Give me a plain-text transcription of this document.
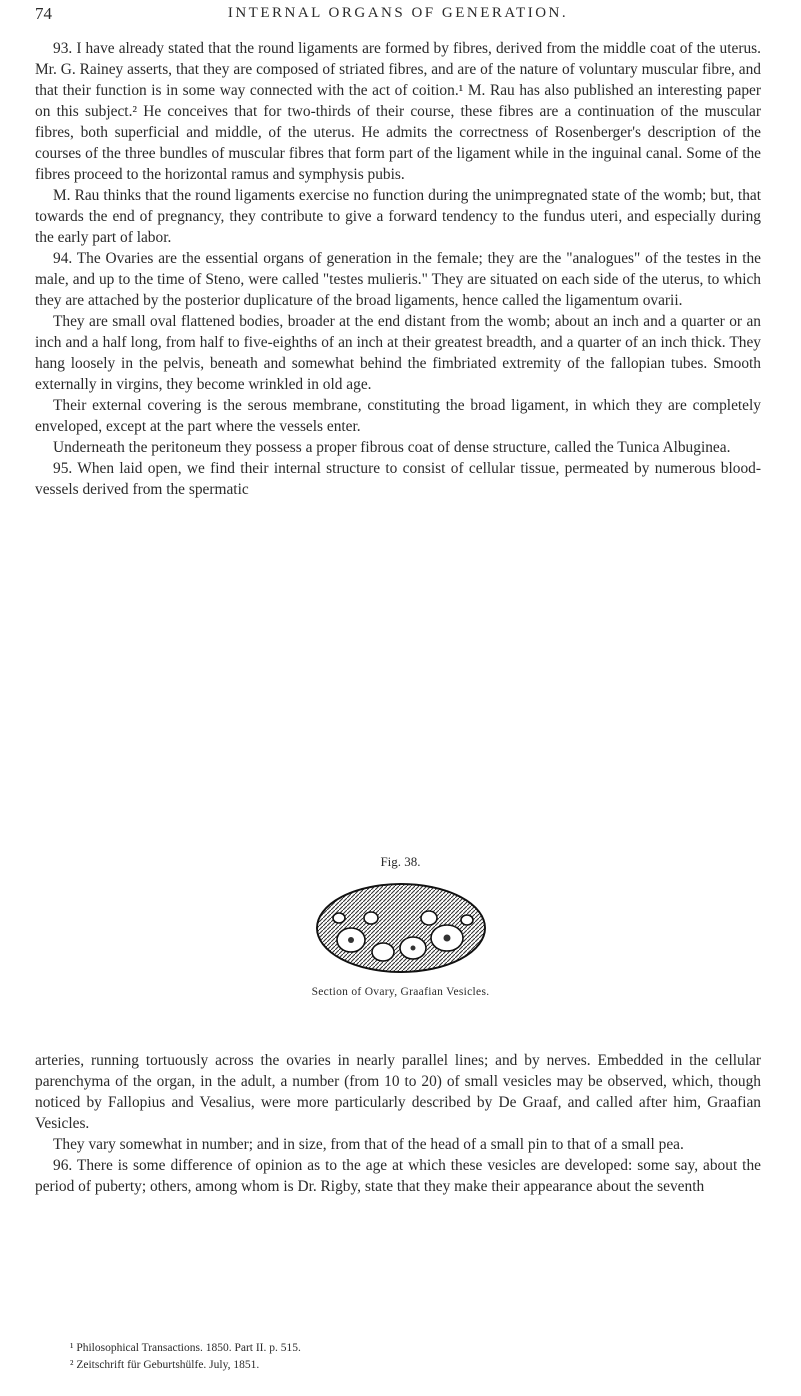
74	INTERNAL ORGANS OF GENERATION.

93. I have already stated that the round ligaments are formed by fibres, derived from the middle coat of the uterus. Mr. G. Rainey asserts, that they are composed of striated fibres, and are of the nature of voluntary muscular fibre, and that their function is in some way connected with the act of coition.¹ M. Rau has also published an interesting paper on this subject.² He conceives that for two-thirds of their course, these fibres are a continuation of the muscular fibres, both superficial and middle, of the uterus. He admits the correctness of Rosenberger's description of the courses of the three bundles of muscular fibres that form part of the ligament while in the inguinal canal. Some of the fibres proceed to the horizontal ramus and symphysis pubis.

M. Rau thinks that the round ligaments exercise no function during the unimpregnated state of the womb; but, that towards the end of pregnancy, they contribute to give a forward tendency to the fundus uteri, and especially during the early part of labor.

94. The Ovaries are the essential organs of generation in the female; they are the "analogues" of the testes in the male, and up to the time of Steno, were called "testes mulieris." They are situated on each side of the uterus, to which they are attached by the posterior duplicature of the broad ligaments, hence called the ligamentum ovarii.

They are small oval flattened bodies, broader at the end distant from the womb; about an inch and a quarter or an inch and a half long, from half to five-eighths of an inch at their greatest breadth, and a quarter of an inch thick. They hang loosely in the pelvis, beneath and somewhat behind the fimbriated extremity of the fallopian tubes. Smooth externally in virgins, they become wrinkled in old age.

Their external covering is the serous membrane, constituting the broad ligament, in which they are completely enveloped, except at the part where the vessels enter.

Underneath the peritoneum they possess a proper fibrous coat of dense structure, called the Tunica Albuginea.

95. When laid open, we find their internal structure to consist of cellular tissue, permeated by numerous blood-vessels derived from the spermatic

Fig. 38.
Section of Ovary, Graafian Vesicles.

arteries, running tortuously across the ovaries in nearly parallel lines; and by nerves. Embedded in the cellular parenchyma of the organ, in the adult, a number (from 10 to 20) of small vesicles may be observed, which, though noticed by Fallopius and Vesalius, were more particularly described by De Graaf, and called after him, Graafian Vesicles.

They vary somewhat in number; and in size, from that of the head of a small pin to that of a small pea.

96. There is some difference of opinion as to the age at which these vesicles are developed: some say, about the period of puberty; others, among whom is Dr. Rigby, state that they make their appearance about the seventh

¹ Philosophical Transactions. 1850. Part II. p. 515.
² Zeitschrift für Geburtshülfe. July, 1851.
